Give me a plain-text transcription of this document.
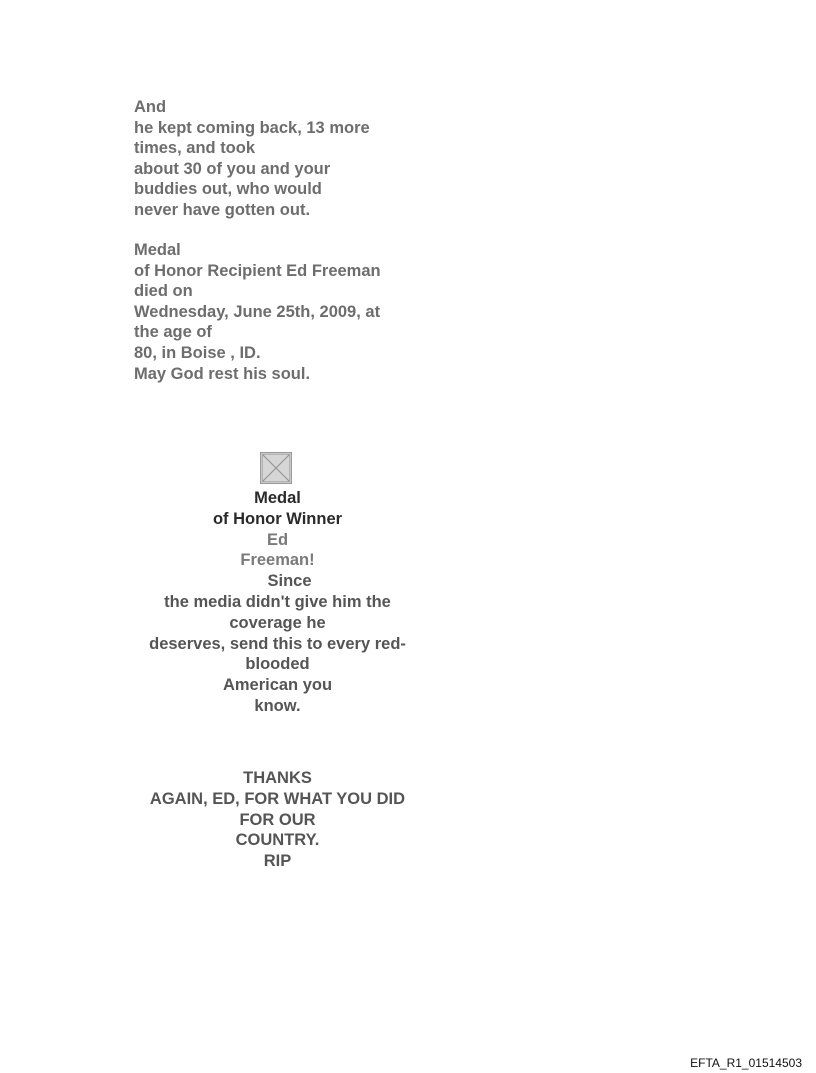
And
he kept coming back, 13 more
times, and took
about 30 of you and your
buddies out, who would
never have gotten out.
Medal
of Honor Recipient Ed Freeman
died on
Wednesday, June 25th, 2009, at
the age of
80, in Boise , ID.
May God rest his soul.
Medal
of Honor Winner
Ed
Freeman!
Since
the media didn't give him the
coverage he
deserves, send this to every red-
blooded
American you
know.
THANKS
AGAIN, ED, FOR WHAT YOU DID
FOR OUR
COUNTRY.
RIP
EFTA_R1_01514503
